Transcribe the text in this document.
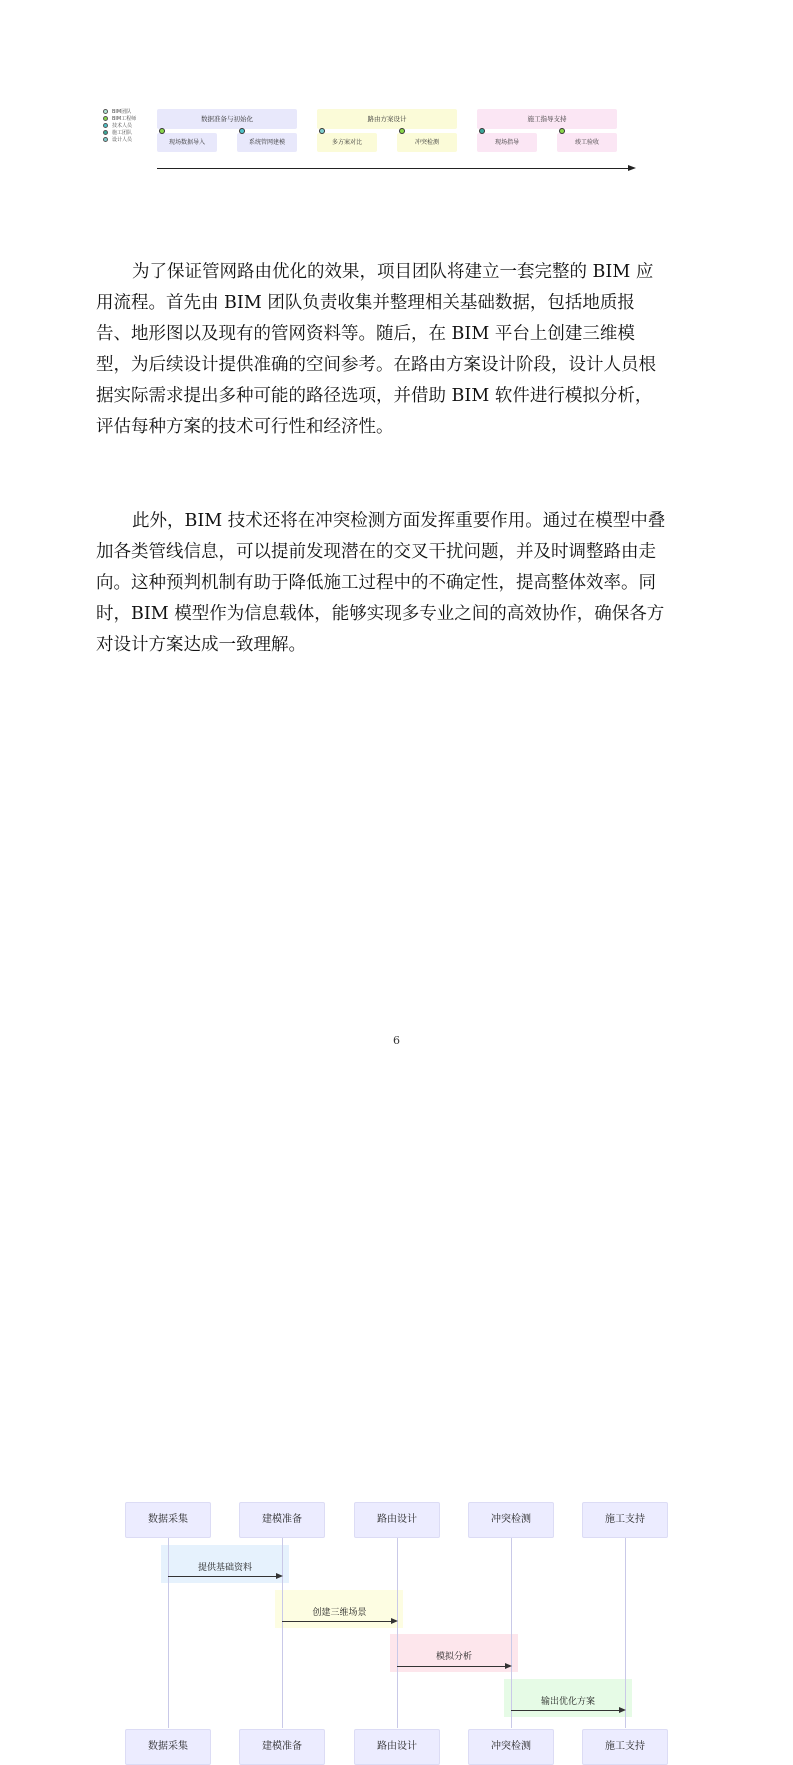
BIM团队
BIM工程师
技术人员
施工团队
设计人员
数据准备与初始化	路由方案设计	施工指导支持
现场数据导入	系统管网建模	多方案对比	冲突检测	现场指导	竣工验收
为了保证管网路由优化的效果，项目团队将建立一套完整的 BIM 应
用流程。首先由 BIM 团队负责收集并整理相关基础数据，包括地质报
告、地形图以及现有的管网资料等。随后，在 BIM 平台上创建三维模
型，为后续设计提供准确的空间参考。在路由方案设计阶段，设计人员根
据实际需求提出多种可能的路径选项，并借助 BIM 软件进行模拟分析，
评估每种方案的技术可行性和经济性。
此外，BIM 技术还将在冲突检测方面发挥重要作用。通过在模型中叠
加各类管线信息，可以提前发现潜在的交叉干扰问题，并及时调整路由走
向。这种预判机制有助于降低施工过程中的不确定性，提高整体效率。同
时，BIM 模型作为信息载体，能够实现多专业之间的高效协作，确保各方
对设计方案达成一致理解。
数据采集	建模准备	路由设计	冲突检测	施工支持
数据采集	建模准备	路由设计	冲突检测	施工支持
提供基础资料
创建三维场景
模拟分析
输出优化方案
6
